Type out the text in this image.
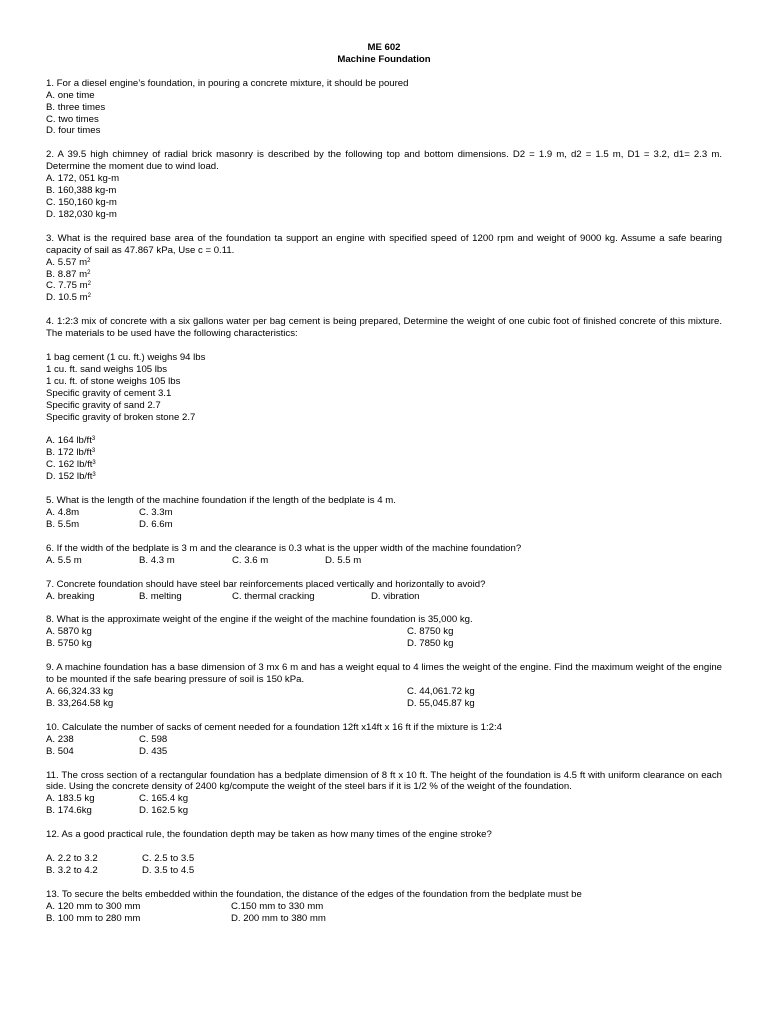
ME 602

Machine Foundation

1. For a diesel engine’s foundation, in pouring a concrete mixture, it should be poured

A. one time

B. three times

C. two times

D. four times

2. A 39.5 high chimney of radial brick masonry is described by the following top and bottom dimensions. D2 = 1.9 m, d2 = 1.5 m, D1 = 3.2, d1= 2.3 m. Determine the moment due to wind load.

A. 172, 051 kg-m

B. 160,388 kg-m

C. 150,160 kg-m

D. 182,030 kg-m

3. What is the required base area of the foundation ta support an engine with specified speed of 1200 rpm and weight of 9000 kg. Assume a safe bearing capacity of sail as 47.867 kPa, Use c = 0.11.

A. 5.57 $m^2$

B. 8.87 $m^2$

C. 7.75 $m^2$

D. 10.5 $m^2$

4. 1:2:3 mix of concrete with a six gallons water per bag cement is being prepared, Determine the weight of one cubic foot of finished concrete of this mixture. The materials to be used have the following characteristics:

1 bag cement (1 cu. ft.) weighs 94 lbs

1 cu. ft. sand weighs 105 lbs

1 cu. ft. of stone weighs 105 lbs

Specific gravity of cement 3.1

Specific gravity of sand 2.7

Specific gravity of broken stone 2.7

A. 164 $lb/ft^3$

B. 172 $lb/ft^3$

C. 162 $lb/ft^3$

D. 152 $lb/ft^3$

5. What is the length of the machine foundation if the length of the bedplate is 4 m.

A. 4.8m	C. 3.3m
B. 5.5m	D. 6.6m

6. If the width of the bedplate is 3 m and the clearance is 0.3 what is the upper width of the machine foundation?

A. 5.5 m	B. 4.3 m	C. 3.6 m	D. 5.5 m

7. Concrete foundation should have steel bar reinforcements placed vertically and horizontally to avoid?

A. breaking	B. melting	C. thermal cracking	D. vibration

8. What is the approximate weight of the engine if the weight of the machine foundation is 35,000 kg.

A. 5870 kg	C. 8750 kg
B. 5750 kg	D. 7850 kg

9. A machine foundation has a base dimension of 3 mx 6 m and has a weight equal to 4 limes the weight of the engine. Find the maximum weight of the engine to be mounted if the safe bearing pressure of soil is 150 kPa.

A. 66,324.33 kg	C. 44,061.72 kg
B. 33,264.58 kg	D. 55,045.87 kg

10. Calculate the number of sacks of cement needed for a foundation 12ft x14ft x 16 ft if the mixture is 1:2:4

A. 238	C. 598
B. 504	D. 435

11. The cross section of a rectangular foundation has a bedplate dimension of 8 ft x 10 ft. The height of the foundation is 4.5 ft with uniform clearance on each side. Using the concrete density of 2400 kg/compute the weight of the steel bars if it is 1/2 % of the weight of the foundation.

A. 183.5 kg	C. 165.4 kg
B. 174.6kg	D. 162.5 kg

12. As a good practical rule, the foundation depth may be taken as how many times of the engine stroke?

A. 2.2 to 3.2	C. 2.5 to 3.5
B. 3.2 to 4.2	D. 3.5 to 4.5

13. To secure the belts embedded within the foundation, the distance of the edges of the foundation from the bedplate must be

A. 120 mm to 300 mm	C.150 mm to 330 mm
B. 100 mm to 280 mm	D. 200 mm to 380 mm
